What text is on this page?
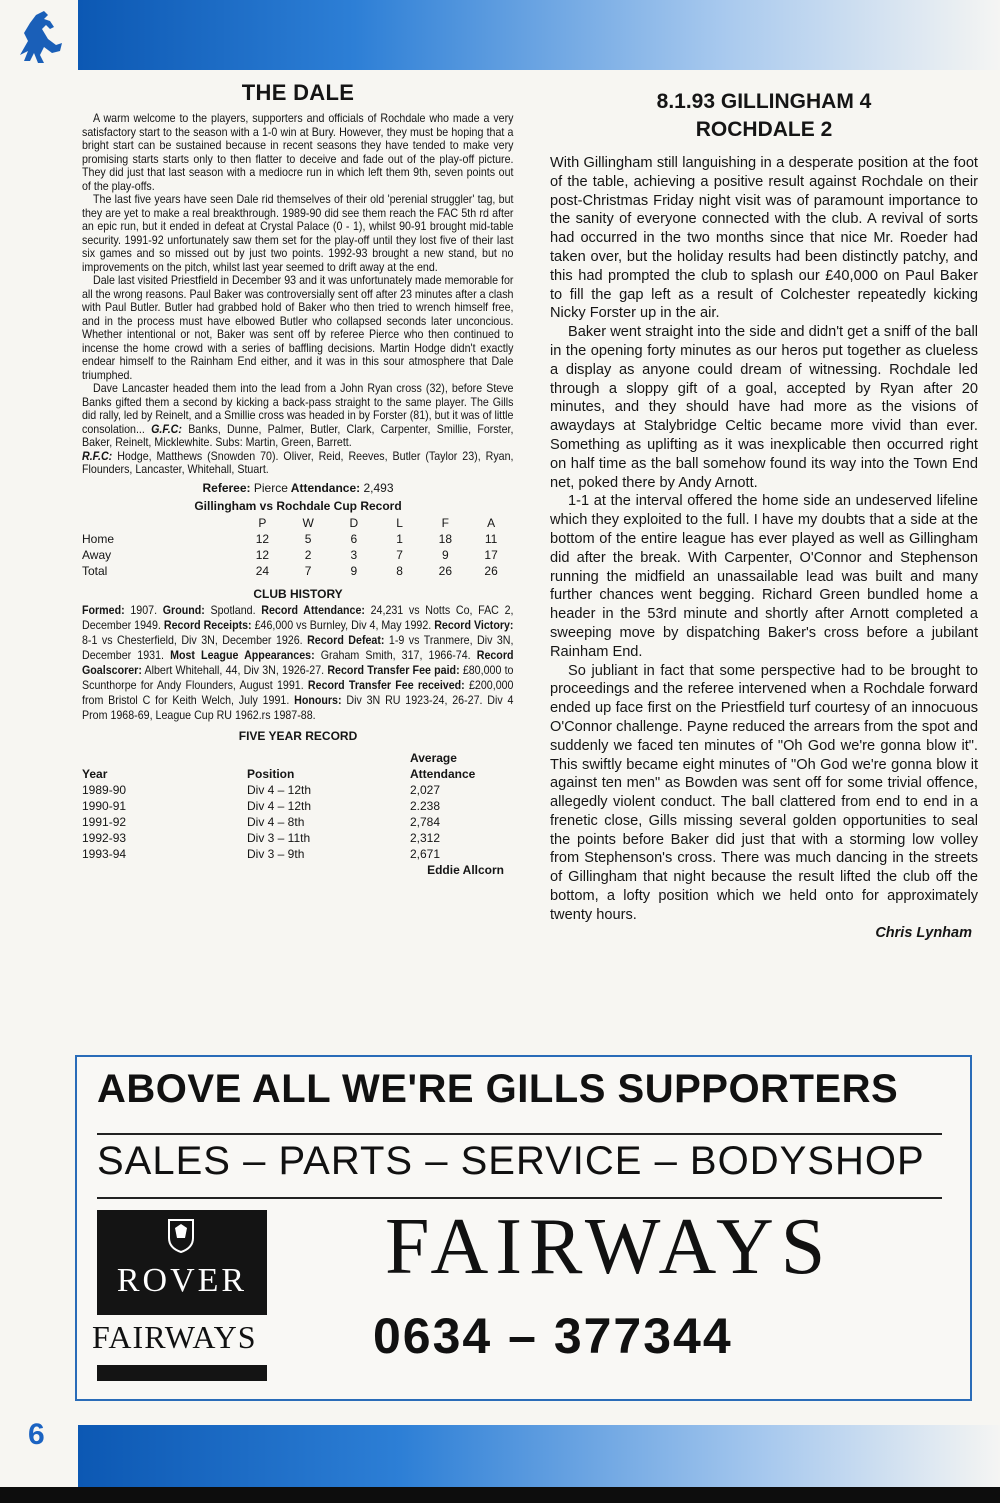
THE DALE

A warm welcome to the players, supporters and officials of Rochdale who made a very satisfactory start to the season with a 1-0 win at Bury. However, they must be hoping that a bright start can be sustained because in recent seasons they have tended to make very promising starts starts only to then flatter to deceive and fade out of the play-off picture. They did just that last season with a mediocre run in which left them 9th, seven points out of the play-offs.

The last five years have seen Dale rid themselves of their old 'perenial struggler' tag, but they are yet to make a real breakthrough. 1989-90 did see them reach the FAC 5th rd after an epic run, but it ended in defeat at Crystal Palace (0 - 1), whilst 90-91 brought mid-table security. 1991-92 unfortunately saw them set for the play-off until they lost five of their last six games and so missed out by just two points. 1992-93 brought a new stand, but no improvements on the pitch, whilst last year seemed to drift away at the end.

Dale last visited Priestfield in December 93 and it was unfortunately made memorable for all the wrong reasons. Paul Baker was controversially sent off after 23 minutes after a clash with Paul Butler. Butler had grabbed hold of Baker who then tried to wrench himself free, and in the process must have elbowed Butler who collapsed seconds later unconcious. Whether intentional or not, Baker was sent off by referee Pierce who then continued to incense the home crowd with a series of baffling decisions. Martin Hodge didn't exactly endear himself to the Rainham End either, and it was in this sour atmosphere that Dale triumphed.

Dave Lancaster headed them into the lead from a John Ryan cross (32), before Steve Banks gifted them a second by kicking a back-pass straight to the same player. The Gills did rally, led by Reinelt, and a Smillie cross was headed in by Forster (81), but it was of little consolation... G.F.C: Banks, Dunne, Palmer, Butler, Clark, Carpenter, Smillie, Forster, Baker, Reinelt, Micklewhite. Subs: Martin, Green, Barrett.

R.F.C: Hodge, Matthews (Snowden 70). Oliver, Reid, Reeves, Butler (Taylor 23), Ryan, Flounders, Lancaster, Whitehall, Stuart.

Referee: Pierce Attendance: 2,493
Gillingham vs Rochdale Cup Record
	P	W	D	L	F	A
Home	12	5	6	1	18	11
Away	12	2	3	7	9	17
Total	24	7	9	8	26	26
CLUB HISTORY

Formed: 1907. Ground: Spotland. Record Attendance: 24,231 vs Notts Co, FAC 2, December 1949. Record Receipts: £46,000 vs Burnley, Div 4, May 1992. Record Victory: 8-1 vs Chesterfield, Div 3N, December 1926. Record Defeat: 1-9 vs Tranmere, Div 3N, December 1931. Most League Appearances: Graham Smith, 317, 1966-74. Record Goalscorer: Albert Whitehall, 44, Div 3N, 1926-27. Record Transfer Fee paid: £80,000 to Scunthorpe for Andy Flounders, August 1991. Record Transfer Fee received: £200,000 from Bristol C for Keith Welch, July 1991. Honours: Div 3N RU 1923-24, 26-27. Div 4 Prom 1968-69, League Cup RU 1962.rs 1987-88.

FIVE YEAR RECORD
		Average
Year	Position	Attendance
1989-90	Div 4 – 12th	2,027
1990-91	Div 4 – 12th	2.238
1991-92	Div 4 – 8th	2,784
1992-93	Div 3 – 11th	2,312
1993-94	Div 3 – 9th	2,671
Eddie Allcorn
8.1.93 GILLINGHAM 4
ROCHDALE 2

With Gillingham still languishing in a desperate position at the foot of the table, achieving a positive result against Rochdale on their post-Christmas Friday night visit was of paramount importance to the sanity of everyone connected with the club. A revival of sorts had occurred in the two months since that nice Mr. Roeder had taken over, but the holiday results had been distinctly patchy, and this had prompted the club to splash our £40,000 on Paul Baker to fill the gap left as a result of Colchester repeatedly kicking Nicky Forster up in the air.

Baker went straight into the side and didn't get a sniff of the ball in the opening forty minutes as our heros put together as clueless a display as anyone could dream of witnessing. Rochdale led through a sloppy gift of a goal, accepted by Ryan after 20 minutes, and they should have had more as the visions of awaydays at Stalybridge Celtic became more vivid than ever. Something as uplifting as it was inexplicable then occurred right on half time as the ball somehow found its way into the Town End net, poked there by Andy Arnott.

1-1 at the interval offered the home side an undeserved lifeline which they exploited to the full. I have my doubts that a side at the bottom of the entire league has ever played as well as Gillingham did after the break. With Carpenter, O'Connor and Stephenson running the midfield an unassailable lead was built and many further chances went begging. Richard Green bundled home a header in the 53rd minute and shortly after Arnott completed a sweeping move by dispatching Baker's cross before a jubilant Rainham End.

So jubliant in fact that some perspective had to be brought to proceedings and the referee intervened when a Rochdale forward ended up face first on the Priestfield turf courtesy of an innocuous O'Connor challenge. Payne reduced the arrears from the spot and suddenly we faced ten minutes of "Oh God we're gonna blow it". This swiftly became eight minutes of "Oh God we're gonna blow it against ten men" as Bowden was sent off for some trivial offence, allegedly violent conduct. The ball clattered from end to end in a frenetic close, Gills missing several golden opportunities to seal the points before Baker did just that with a storming low volley from Stephenson's cross. There was much dancing in the streets of Gillingham that night because the result lifted the club off the bottom, a lofty position which we held onto for approximately twenty hours.

Chris Lynham
ABOVE ALL WE'RE GILLS SUPPORTERS
SALES – PARTS – SERVICE – BODYSHOP
ROVER
FAIRWAYS
FAIRWAYS
0634 – 377344
6
